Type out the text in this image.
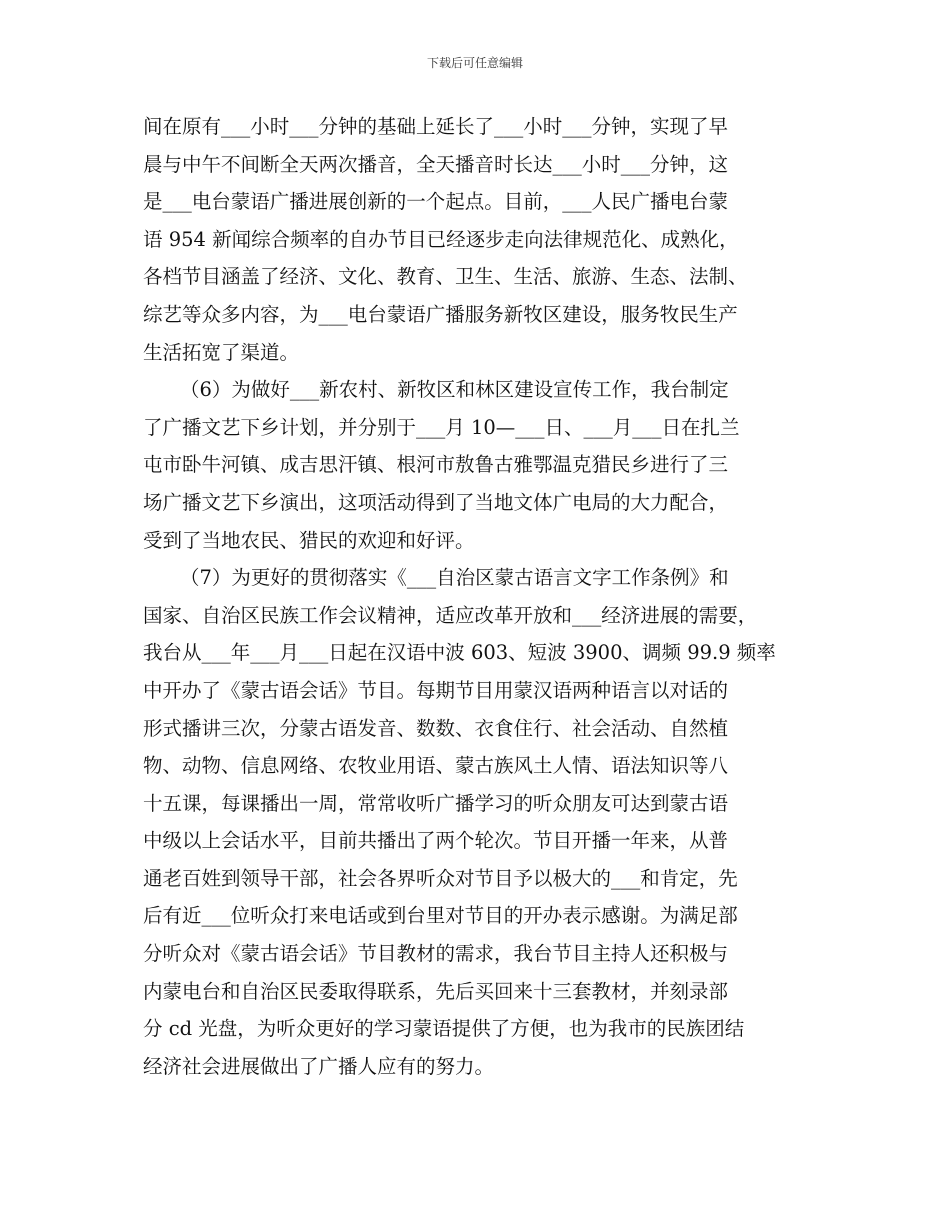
下载后可任意编辑
间在原有___小时___分钟的基础上延长了___小时___分钟，实现了早
晨与中午不间断全天两次播音，全天播音时长达___小时___分钟，这
是___电台蒙语广播进展创新的一个起点。目前，___人民广播电台蒙
语 954 新闻综合频率的自办节目已经逐步走向法律规范化、成熟化，
各档节目涵盖了经济、文化、教育、卫生、生活、旅游、生态、法制、
综艺等众多内容，为___电台蒙语广播服务新牧区建设，服务牧民生产
生活拓宽了渠道。
（6）为做好___新农村、新牧区和林区建设宣传工作，我台制定
了广播文艺下乡计划，并分别于___月 10—___日、___月___日在扎兰
屯市卧牛河镇、成吉思汗镇、根河市敖鲁古雅鄂温克猎民乡进行了三
场广播文艺下乡演出，这项活动得到了当地文体广电局的大力配合，
受到了当地农民、猎民的欢迎和好评。
（7）为更好的贯彻落实《___自治区蒙古语言文字工作条例》和
国家、自治区民族工作会议精神，适应改革开放和___经济进展的需要，
我台从___年___月___日起在汉语中波 603、短波 3900、调频 99.9 频率
中开办了《蒙古语会话》节目。每期节目用蒙汉语两种语言以对话的
形式播讲三次，分蒙古语发音、数数、衣食住行、社会活动、自然植
物、动物、信息网络、农牧业用语、蒙古族风土人情、语法知识等八
十五课，每课播出一周，常常收听广播学习的听众朋友可达到蒙古语
中级以上会话水平，目前共播出了两个轮次。节目开播一年来，从普
通老百姓到领导干部，社会各界听众对节目予以极大的___和肯定，先
后有近___位听众打来电话或到台里对节目的开办表示感谢。为满足部
分听众对《蒙古语会话》节目教材的需求，我台节目主持人还积极与
内蒙电台和自治区民委取得联系，先后买回来十三套教材，并刻录部
分 cd 光盘，为听众更好的学习蒙语提供了方便，也为我市的民族团结
经济社会进展做出了广播人应有的努力。
